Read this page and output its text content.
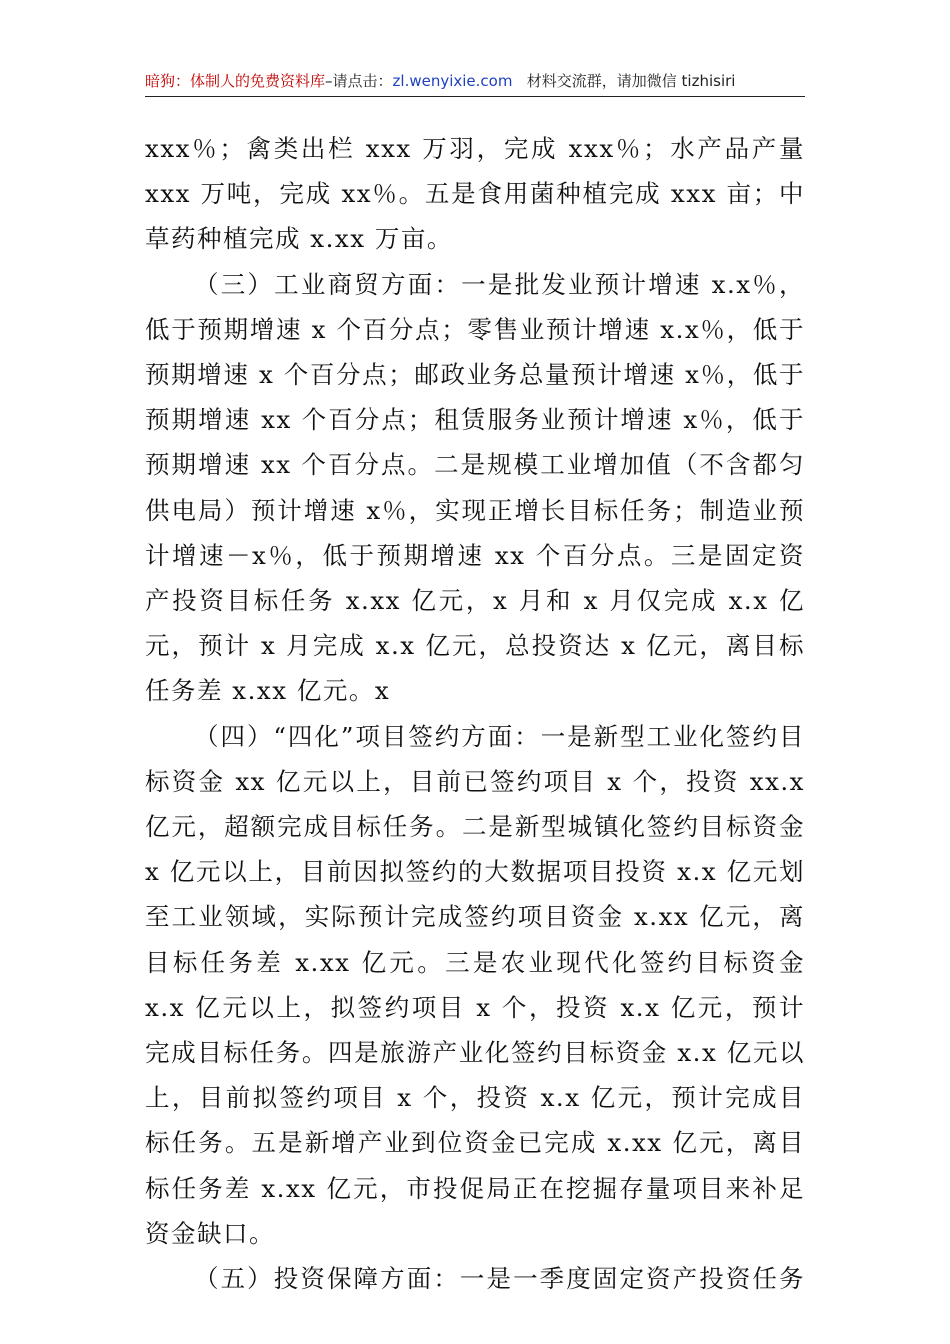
暗狗：体制人的免费资料库–请点击：zl.wenyixie.com 材料交流群，请加微信 tizhisiri

xxx％；禽类出栏 xxx 万羽，完成 xxx％；水产品产量 xxx 万吨，完成 xx％。五是食用菌种植完成 xxx 亩；中草药种植完成 x.xx 万亩。

（三）工业商贸方面：一是批发业预计增速 x.x％，低于预期增速 x 个百分点；零售业预计增速 x.x％，低于预期增速 x 个百分点；邮政业务总量预计增速 x％，低于预期增速 xx 个百分点；租赁服务业预计增速 x％，低于预期增速 xx 个百分点。二是规模工业增加值（不含都匀供电局）预计增速 x％，实现正增长目标任务；制造业预计增速－x％，低于预期增速 xx 个百分点。三是固定资产投资目标任务 x.xx 亿元，x 月和 x 月仅完成 x.x 亿元，预计 x 月完成 x.x 亿元，总投资达 x 亿元，离目标任务差 x.xx 亿元。x

（四）“四化”项目签约方面：一是新型工业化签约目标资金 xx 亿元以上，目前已签约项目 x 个，投资 xx.x 亿元，超额完成目标任务。二是新型城镇化签约目标资金 x 亿元以上，目前因拟签约的大数据项目投资 x.x 亿元划至工业领域，实际预计完成签约项目资金 x.xx 亿元，离目标任务差 x.xx 亿元。三是农业现代化签约目标资金 x.x 亿元以上，拟签约项目 x 个，投资 x.x 亿元，预计完成目标任务。四是旅游产业化签约目标资金 x.x 亿元以上，目前拟签约项目 x 个，投资 x.x 亿元，预计完成目标任务。五是新增产业到位资金已完成 x.xx 亿元，离目标任务差 x.xx 亿元，市投促局正在挖掘存量项目来补足资金缺口。

（五）投资保障方面：一是一季度固定资产投资任务
